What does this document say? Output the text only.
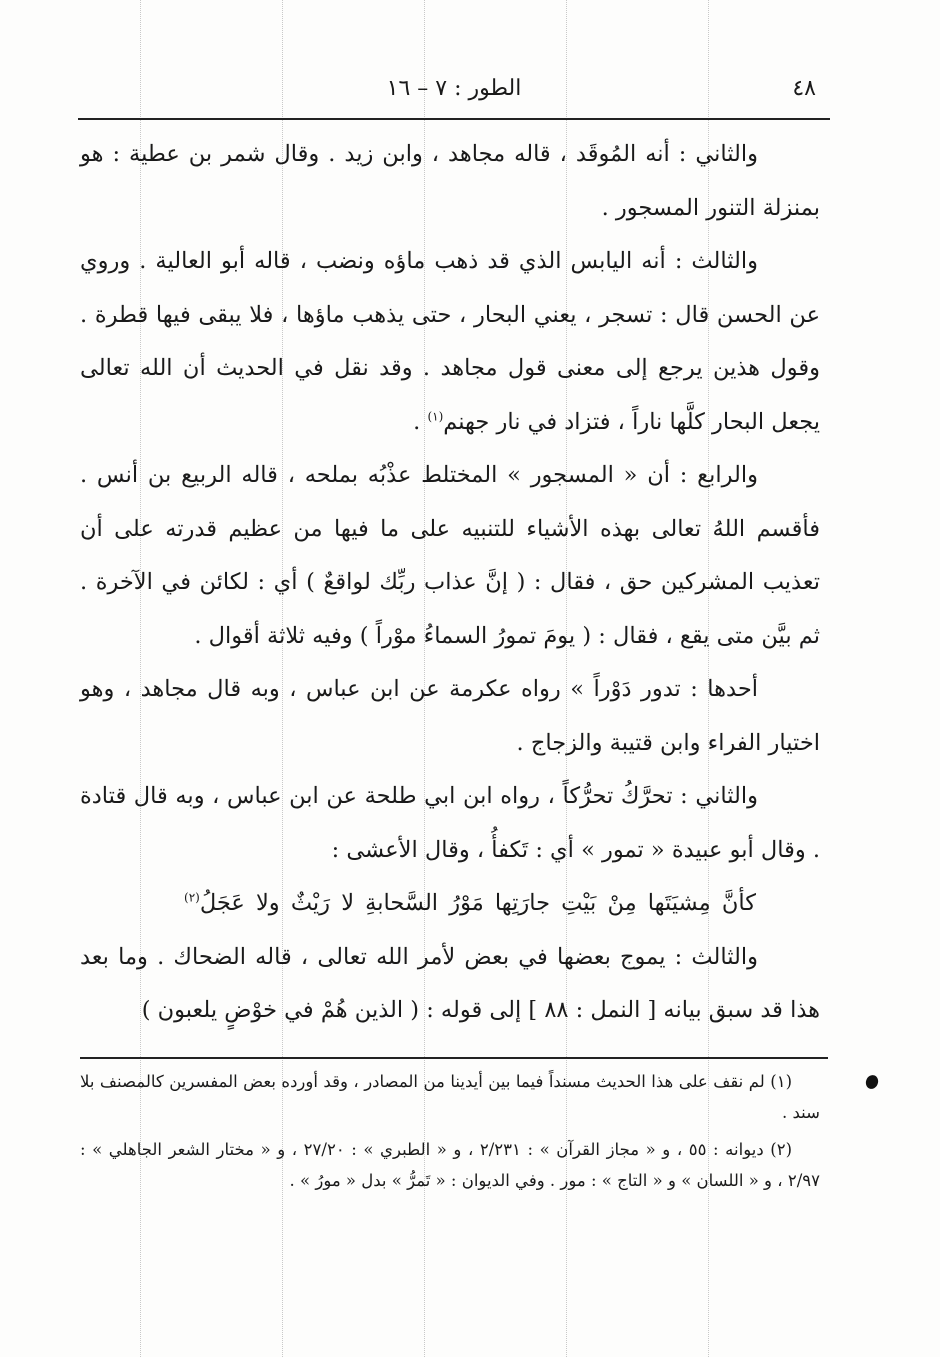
٤٨
الطور : ٧ – ١٦

والثاني : أنه المُوقَد ، قاله مجاهد ، وابن زيد . وقال شمر بن عطية : هو بمنزلة التنور المسجور .

والثالث : أنه اليابس الذي قد ذهب ماؤه ونضب ، قاله أبو العالية . وروي عن الحسن قال : تسجر ، يعني البحار ، حتى يذهب ماؤها ، فلا يبقى فيها قطرة . وقول هذين يرجع إلى معنى قول مجاهد . وقد نقل في الحديث أن الله تعالى يجعل البحار كلَّها ناراً ، فتزاد في نار جهنم$^{(١)}$ .

والرابع : أن « المسجور » المختلط عذْبُه بملحه ، قاله الربيع بن أنس . فأقسم اللهُ تعالى بهذه الأشياء للتنبيه على ما فيها من عظيم قدرته على أن تعذيب المشركين حق ، فقال : ( إنَّ عذاب ربِّك لواقعٌ ) أي : لكائن في الآخرة . ثم بيَّن متى يقع ، فقال : ( يومَ تمورُ السماءُ موْراً ) وفيه ثلاثة أقوال .

أحدها : تدور دَوْراً » رواه عكرمة عن ابن عباس ، وبه قال مجاهد ، وهو اختيار الفراء وابن قتيبة والزجاج .

والثاني : تحرَّكُ تحرُّكاً ، رواه ابن ابي طلحة عن ابن عباس ، وبه قال قتادة . وقال أبو عبيدة « تمور » أي : تَكفأُ ، وقال الأعشى :

كأنَّ مِشيَتَها مِنْ بَيْتِ جارَتِها مَوْرُ السَّحابةِ لا رَيْثٌ ولا عَجَلُ$^{(٢)}$

والثالث : يموج بعضها في بعض لأمر الله تعالى ، قاله الضحاك . وما بعد هذا قد سبق بيانه [ النمل : ٨٨ ] إلى قوله : ( الذين هُمْ في خوْضٍ يلعبون )

(١) لم نقف على هذا الحديث مسنداً فيما بين أيدينا من المصادر ، وقد أورده بعض المفسرين كالمصنف بلا سند .

(٢) ديوانه : ٥٥ ، و « مجاز القرآن » : ٢/٢٣١ ، و « الطبري » : ٢٧/٢٠ ، و « مختار الشعر الجاهلي » : ٢/٩٧ ، و « اللسان » و « التاج » : مور . وفي الديوان : « تَمرُّ » بدل « مورُ » .
